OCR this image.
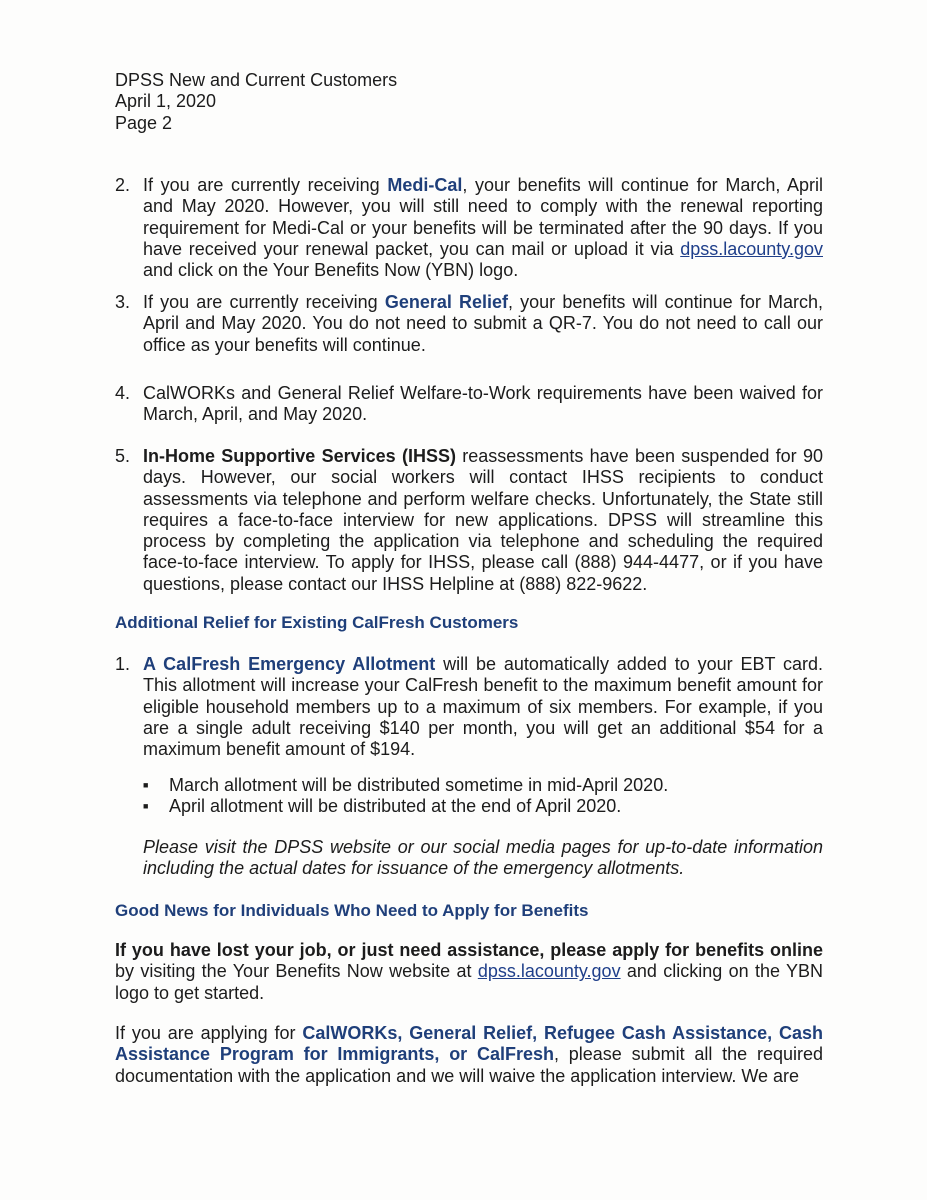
DPSS New and Current Customers
April 1, 2020
Page 2
2. If you are currently receiving Medi-Cal, your benefits will continue for March, April and May 2020. However, you will still need to comply with the renewal reporting requirement for Medi-Cal or your benefits will be terminated after the 90 days. If you have received your renewal packet, you can mail or upload it via dpss.lacounty.gov and click on the Your Benefits Now (YBN) logo.
3. If you are currently receiving General Relief, your benefits will continue for March, April and May 2020. You do not need to submit a QR-7. You do not need to call our office as your benefits will continue.
4. CalWORKs and General Relief Welfare-to-Work requirements have been waived for March, April, and May 2020.
5. In-Home Supportive Services (IHSS) reassessments have been suspended for 90 days. However, our social workers will contact IHSS recipients to conduct assessments via telephone and perform welfare checks. Unfortunately, the State still requires a face-to-face interview for new applications. DPSS will streamline this process by completing the application via telephone and scheduling the required face-to-face interview. To apply for IHSS, please call (888) 944-4477, or if you have questions, please contact our IHSS Helpline at (888) 822-9622.
Additional Relief for Existing CalFresh Customers
1. A CalFresh Emergency Allotment will be automatically added to your EBT card. This allotment will increase your CalFresh benefit to the maximum benefit amount for eligible household members up to a maximum of six members. For example, if you are a single adult receiving $140 per month, you will get an additional $54 for a maximum benefit amount of $194.
■	March allotment will be distributed sometime in mid-April 2020.
■	April allotment will be distributed at the end of April 2020.
Please visit the DPSS website or our social media pages for up-to-date information including the actual dates for issuance of the emergency allotments.
Good News for Individuals Who Need to Apply for Benefits
If you have lost your job, or just need assistance, please apply for benefits online by visiting the Your Benefits Now website at dpss.lacounty.gov and clicking on the YBN logo to get started.
If you are applying for CalWORKs, General Relief, Refugee Cash Assistance, Cash Assistance Program for Immigrants, or CalFresh, please submit all the required documentation with the application and we will waive the application interview. We are
